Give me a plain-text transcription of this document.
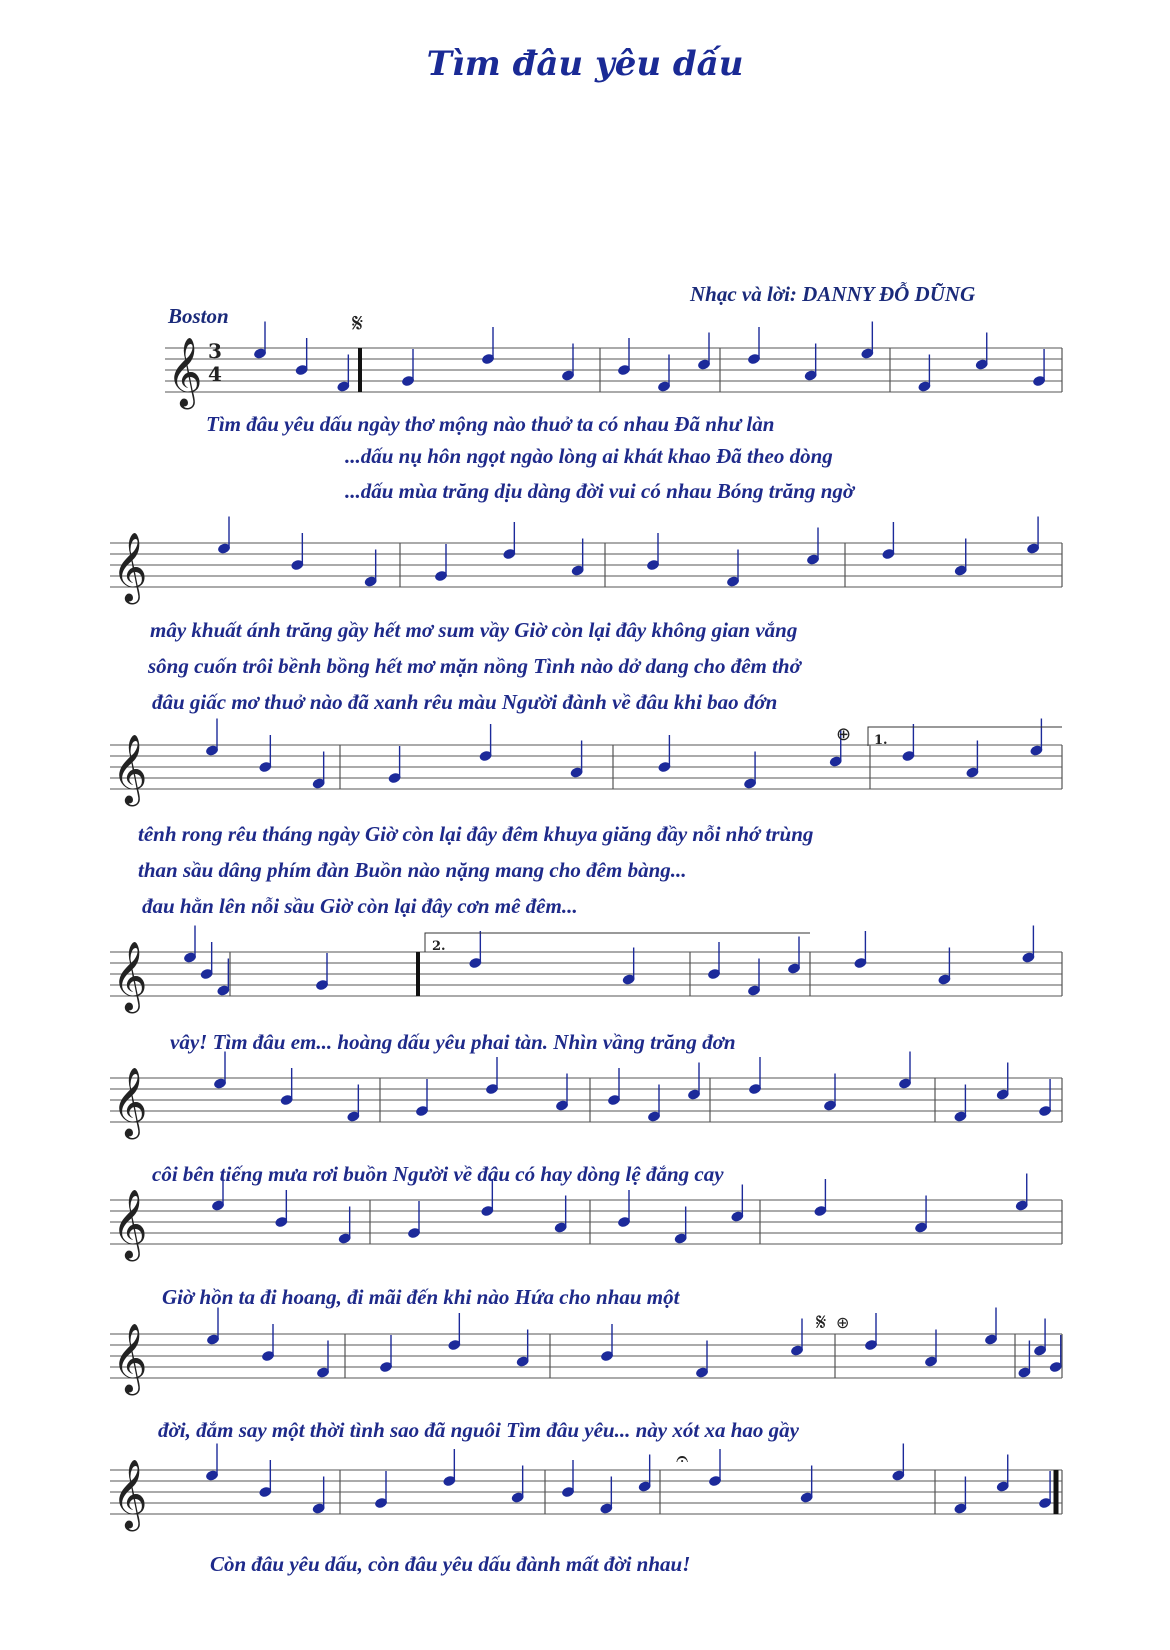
Tìm đâu yêu dấu
Nhạc và lời: DANNY ĐỖ DŨNG
Boston
𝄞
𝄞
𝄞
𝄞
𝄞
𝄞
𝄞
𝄞
3
4
𝄋
⊕
𝄋 ⊕
𝄐
1.
2.
Tìm đâu yêu dấu ngày thơ mộng nào thuở ta có nhau Đã như làn
...dấu nụ hôn ngọt ngào lòng ai khát khao Đã theo dòng
...dấu mùa trăng dịu dàng đời vui có nhau Bóng trăng ngờ
mây khuất ánh trăng gầy hết mơ sum vầy Giờ còn lại đây không gian vắng
sông cuốn trôi bềnh bồng hết mơ mặn nồng Tình nào dở dang cho đêm thở
đâu giấc mơ thuở nào đã xanh rêu màu Người đành về đâu khi bao đớn
tênh rong rêu tháng ngày Giờ còn lại đây đêm khuya giăng đầy nỗi nhớ trùng
than sầu dâng phím đàn Buồn nào nặng mang cho đêm bàng...
đau hằn lên nỗi sầu Giờ còn lại đây cơn mê đêm...
vây! Tìm đâu em... hoàng dấu yêu phai tàn. Nhìn vầng trăng đơn
côi bên tiếng mưa rơi buồn Người về đâu có hay dòng lệ đắng cay
Giờ hồn ta đi hoang, đi mãi đến khi nào Hứa cho nhau một
đời, đắm say một thời tình sao đã nguôi Tìm đâu yêu... này xót xa hao gầy
Còn đâu yêu dấu, còn đâu yêu dấu đành mất đời nhau!
